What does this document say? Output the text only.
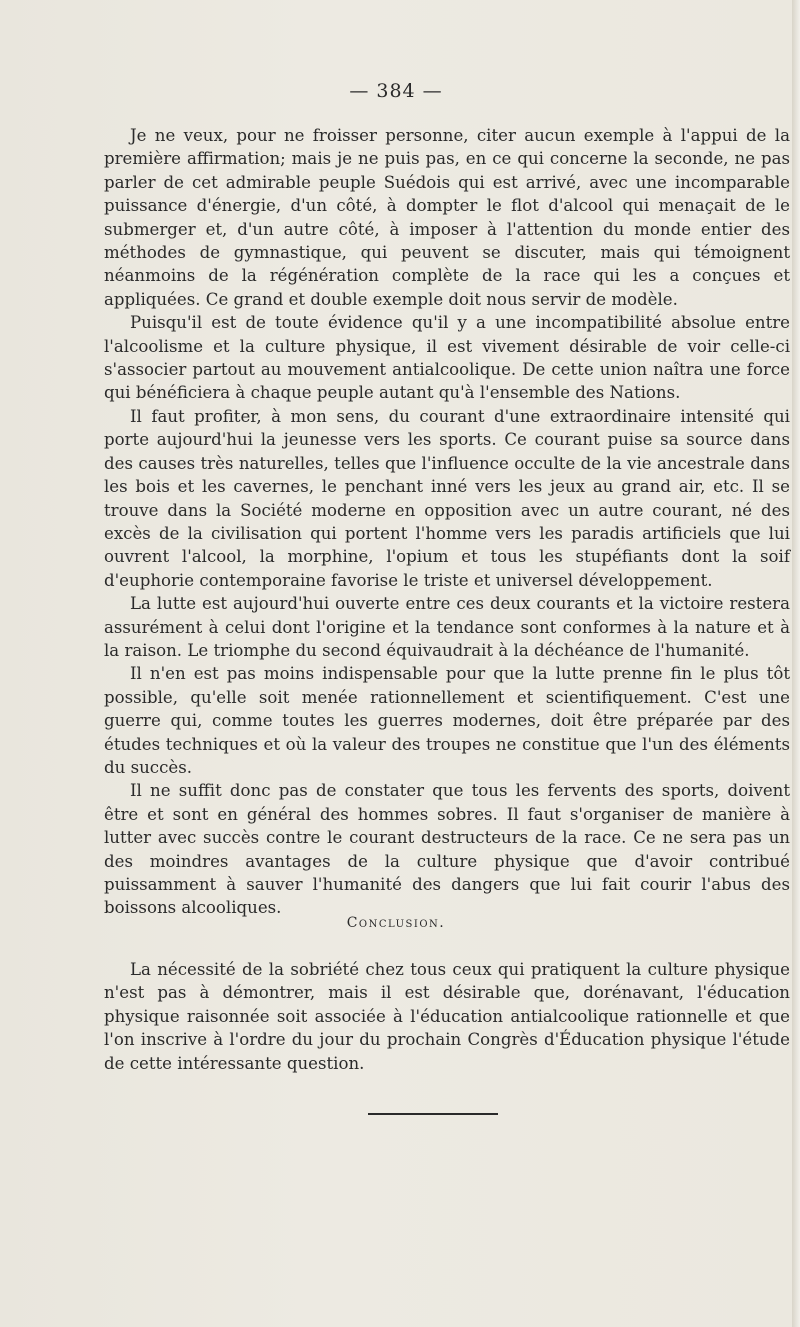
— 384 —

Je ne veux, pour ne froisser personne, citer aucun exemple à l'appui de la première affirmation; mais je ne puis pas, en ce qui concerne la seconde, ne pas parler de cet admirable peuple Suédois qui est arrivé, avec une incomparable puissance d'énergie, d'un côté, à dompter le flot d'alcool qui menaçait de le submerger et, d'un autre côté, à imposer à l'attention du monde entier des méthodes de gymnastique, qui peuvent se discuter, mais qui témoignent néanmoins de la régénération complète de la race qui les a conçues et appliquées. Ce grand et double exemple doit nous servir de modèle.

Puisqu'il est de toute évidence qu'il y a une incompatibilité absolue entre l'alcoolisme et la culture physique, il est vivement désirable de voir celle-ci s'associer partout au mouvement antialcoolique. De cette union naîtra une force qui bénéficiera à chaque peuple autant qu'à l'ensemble des Nations.

Il faut profiter, à mon sens, du courant d'une extraordinaire intensité qui porte aujourd'hui la jeunesse vers les sports. Ce courant puise sa source dans des causes très naturelles, telles que l'influence occulte de la vie ancestrale dans les bois et les cavernes, le penchant inné vers les jeux au grand air, etc. Il se trouve dans la Société moderne en opposition avec un autre courant, né des excès de la civilisation qui portent l'homme vers les paradis artificiels que lui ouvrent l'alcool, la morphine, l'opium et tous les stupéfiants dont la soif d'euphorie contemporaine favorise le triste et universel développement.

La lutte est aujourd'hui ouverte entre ces deux courants et la victoire restera assurément à celui dont l'origine et la tendance sont conformes à la nature et à la raison. Le triomphe du second équivaudrait à la déchéance de l'humanité.

Il n'en est pas moins indispensable pour que la lutte prenne fin le plus tôt possible, qu'elle soit menée rationnellement et scientifiquement. C'est une guerre qui, comme toutes les guerres modernes, doit être préparée par des études techniques et où la valeur des troupes ne constitue que l'un des éléments du succès.

Il ne suffit donc pas de constater que tous les fervents des sports, doivent être et sont en général des hommes sobres. Il faut s'organiser de manière à lutter avec succès contre le courant destructeurs de la race. Ce ne sera pas un des moindres avantages de la culture physique que d'avoir contribué puissamment à sauver l'humanité des dangers que lui fait courir l'abus des boissons alcooliques.

Conclusion.

La nécessité de la sobriété chez tous ceux qui pratiquent la culture physique n'est pas à démontrer, mais il est désirable que, dorénavant, l'éducation physique raisonnée soit associée à l'éducation antialcoolique rationnelle et que l'on inscrive à l'ordre du jour du prochain Congrès d'Éducation physique l'étude de cette intéressante question.
